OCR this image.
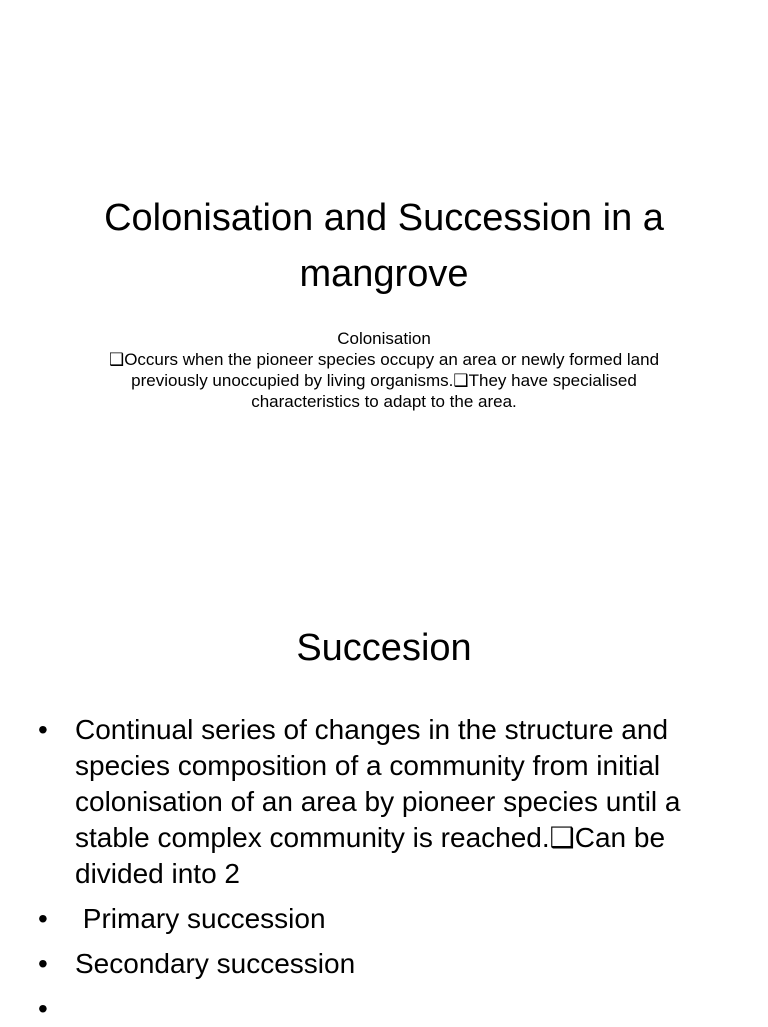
Colonisation and Succession in a mangrove

Colonisation

❑Occurs when the pioneer species occupy an area or newly formed land previously unoccupied by living organisms.❑They have specialised characteristics to adapt to the area.

Succesion
• Continual series of changes in the structure and species composition of a community from initial colonisation of an area by pioneer species until a stable complex community is reached.❑Can be divided into 2
• Primary succession
• Secondary succession
•
